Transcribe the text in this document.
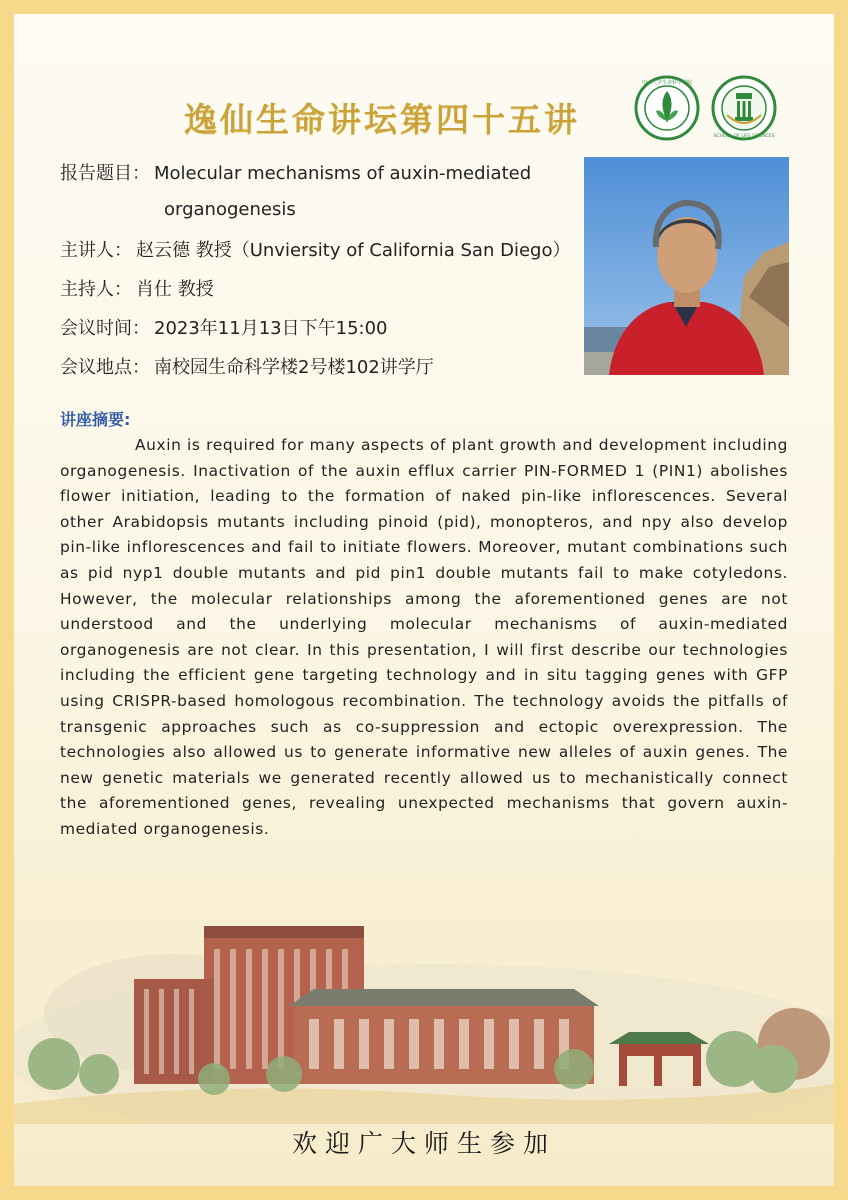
逸仙生命讲坛第四十五讲
中山大学生命科学学院
SCHOOL OF LIFE SCIENCES
报告题目： Molecular mechanisms of auxin-mediated
organogenesis
主讲人： 赵云德 教授（Unviersity of California San Diego）
主持人： 肖仕 教授
会议时间： 2023年11月13日下午15:00
会议地点： 南校园生命科学楼2号楼102讲学厅
讲座摘要:
Auxin is required for many aspects of plant growth and development including organogenesis. Inactivation of the auxin efflux carrier PIN-FORMED 1 (PIN1) abolishes flower initiation, leading to the formation of naked pin-like inflorescences. Several other Arabidopsis mutants including pinoid (pid), monopteros, and npy also develop pin-like inflorescences and fail to initiate flowers. Moreover, mutant combinations such as pid nyp1 double mutants and pid pin1 double mutants fail to make cotyledons. However, the molecular relationships among the aforementioned genes are not understood and the underlying molecular mechanisms of auxin-mediated organogenesis are not clear. In this presentation, I will first describe our technologies including the efficient gene targeting technology and in situ tagging genes with GFP using CRISPR-based homologous recombination. The technology avoids the pitfalls of transgenic approaches such as co-suppression and ectopic overexpression. The technologies also allowed us to generate informative new alleles of auxin genes. The new genetic materials we generated recently allowed us to mechanistically connect the aforementioned genes, revealing unexpected mechanisms that govern auxin-mediated organogenesis.
欢迎广大师生参加
